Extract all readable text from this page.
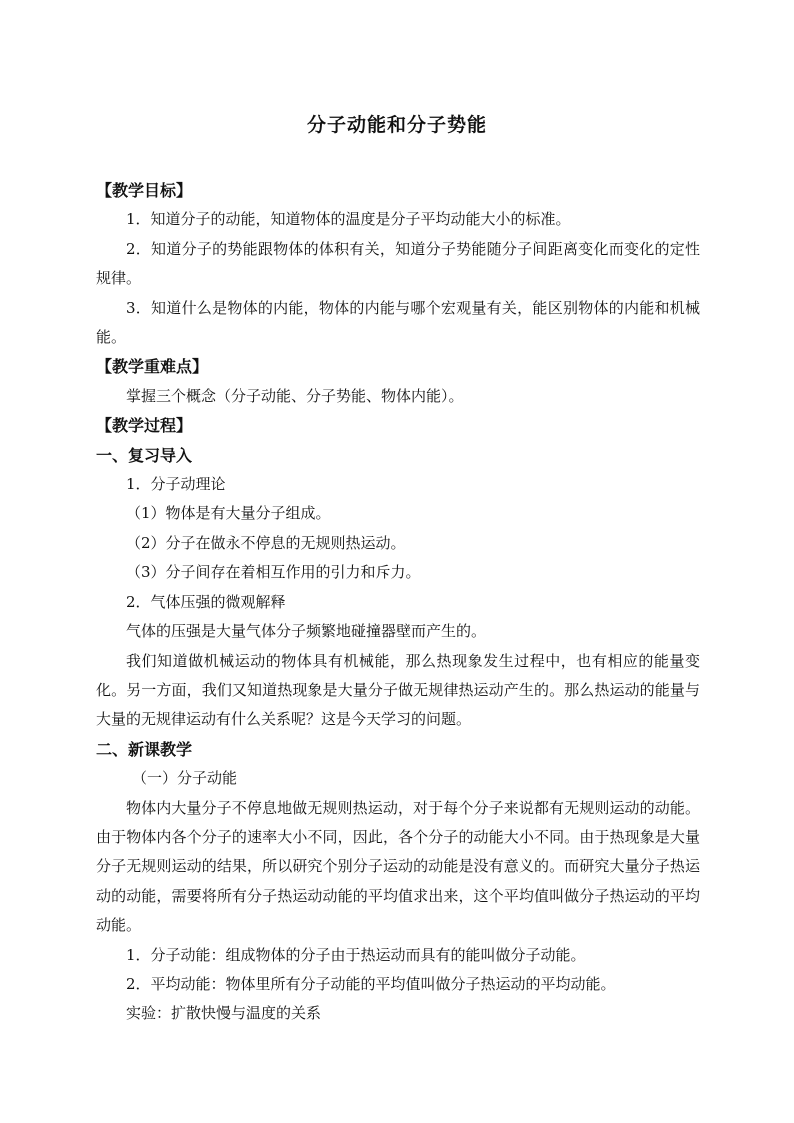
分子动能和分子势能

【教学目标】

1．知道分子的动能，知道物体的温度是分子平均动能大小的标准。

2．知道分子的势能跟物体的体积有关，知道分子势能随分子间距离变化而变化的定性规律。

3．知道什么是物体的内能，物体的内能与哪个宏观量有关，能区别物体的内能和机械能。

【教学重难点】

掌握三个概念（分子动能、分子势能、物体内能）。

【教学过程】

一、复习导入

1．分子动理论

（1）物体是有大量分子组成。

（2）分子在做永不停息的无规则热运动。

（3）分子间存在着相互作用的引力和斥力。

2．气体压强的微观解释

气体的压强是大量气体分子频繁地碰撞器壁而产生的。

我们知道做机械运动的物体具有机械能，那么热现象发生过程中，也有相应的能量变化。另一方面，我们又知道热现象是大量分子做无规律热运动产生的。那么热运动的能量与大量的无规律运动有什么关系呢？这是今天学习的问题。

二、新课教学

（一）分子动能

物体内大量分子不停息地做无规则热运动，对于每个分子来说都有无规则运动的动能。由于物体内各个分子的速率大小不同，因此，各个分子的动能大小不同。由于热现象是大量分子无规则运动的结果，所以研究个别分子运动的动能是没有意义的。而研究大量分子热运动的动能，需要将所有分子热运动动能的平均值求出来，这个平均值叫做分子热运动的平均动能。

1．分子动能：组成物体的分子由于热运动而具有的能叫做分子动能。

2．平均动能：物体里所有分子动能的平均值叫做分子热运动的平均动能。

实验：扩散快慢与温度的关系
